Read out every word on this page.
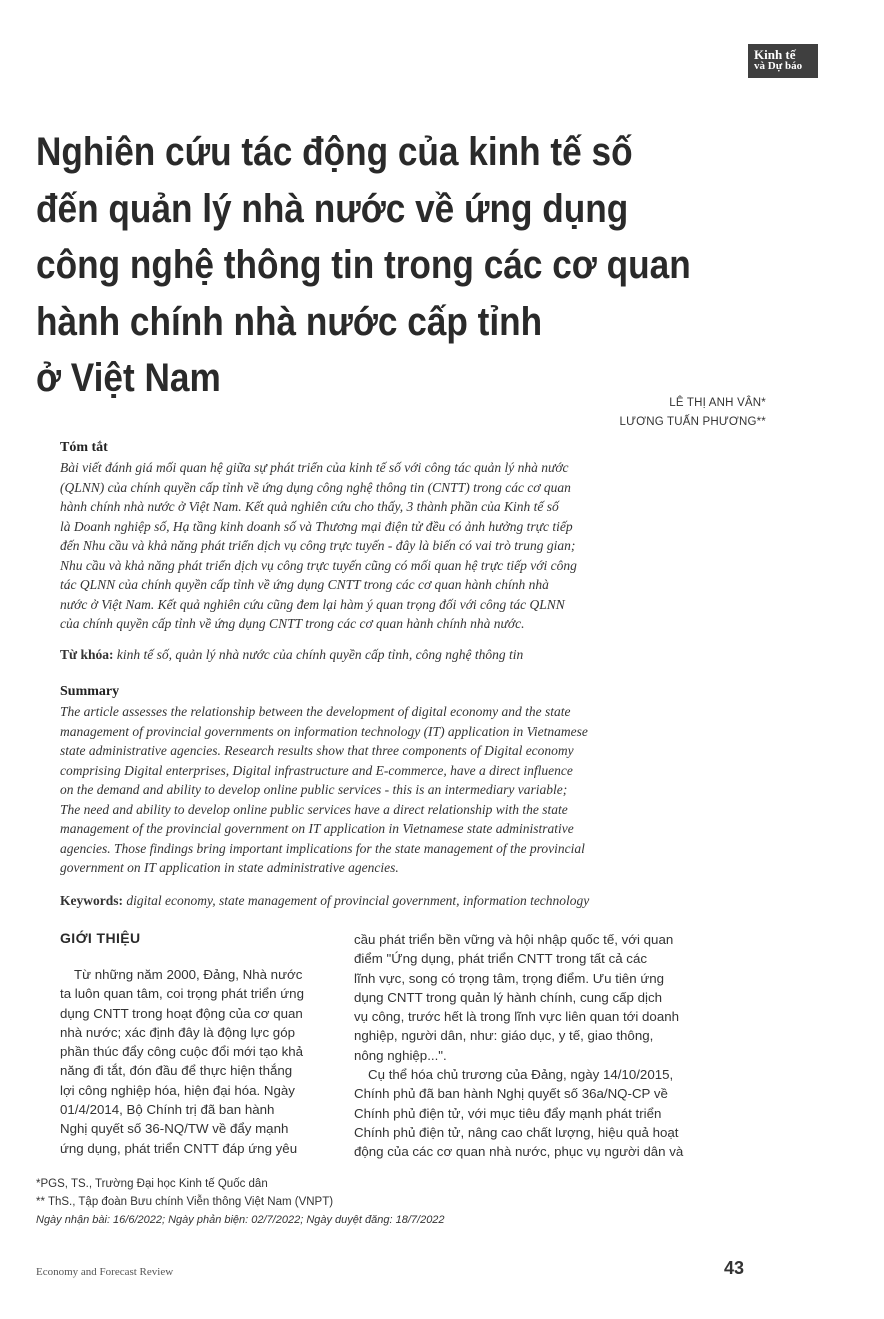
Kinh tế
và Dự báo
Nghiên cứu tác động của kinh tế số
đến quản lý nhà nước về ứng dụng
công nghệ thông tin trong các cơ quan
hành chính nhà nước cấp tỉnh
ở Việt Nam
LÊ THỊ ANH VÂN*
LƯƠNG TUẤN PHƯƠNG**
Tóm tắt
Bài viết đánh giá mối quan hệ giữa sự phát triển của kinh tế số với công tác quản lý nhà nước
(QLNN) của chính quyền cấp tỉnh về ứng dụng công nghệ thông tin (CNTT) trong các cơ quan
hành chính nhà nước ở Việt Nam. Kết quả nghiên cứu cho thấy, 3 thành phần của Kinh tế số
là Doanh nghiệp số, Hạ tầng kinh doanh số và Thương mại điện tử đều có ảnh hưởng trực tiếp
đến Nhu cầu và khả năng phát triển dịch vụ công trực tuyến - đây là biến có vai trò trung gian;
Nhu cầu và khả năng phát triển dịch vụ công trực tuyến cũng có mối quan hệ trực tiếp với công
tác QLNN của chính quyền cấp tỉnh về ứng dụng CNTT trong các cơ quan hành chính nhà
nước ở Việt Nam. Kết quả nghiên cứu cũng đem lại hàm ý quan trọng đối với công tác QLNN
của chính quyền cấp tỉnh về ứng dụng CNTT trong các cơ quan hành chính nhà nước.
Từ khóa: kinh tế số, quản lý nhà nước của chính quyền cấp tỉnh, công nghệ thông tin
Summary
The article assesses the relationship between the development of digital economy and the state
management of provincial governments on information technology (IT) application in Vietnamese
state administrative agencies. Research results show that three components of Digital economy
comprising Digital enterprises, Digital infrastructure and E-commerce, have a direct influence
on the demand and ability to develop online public services - this is an intermediary variable;
The need and ability to develop online public services have a direct relationship with the state
management of the provincial government on IT application in Vietnamese state administrative
agencies. Those findings bring important implications for the state management of the provincial
government on IT application in state administrative agencies.
Keywords: digital economy, state management of provincial government, information technology
GIỚI THIỆU
Từ những năm 2000, Đảng, Nhà nước
ta luôn quan tâm, coi trọng phát triển ứng
dụng CNTT trong hoạt động của cơ quan
nhà nước; xác định đây là động lực góp
phần thúc đẩy công cuộc đổi mới tạo khả
năng đi tắt, đón đầu để thực hiện thắng
lợi công nghiệp hóa, hiện đại hóa. Ngày
01/4/2014, Bộ Chính trị đã ban hành
Nghị quyết số 36-NQ/TW về đẩy mạnh
ứng dụng, phát triển CNTT đáp ứng yêu
cầu phát triển bền vững và hội nhập quốc tế, với quan
điểm "Ứng dụng, phát triển CNTT trong tất cả các
lĩnh vực, song có trọng tâm, trọng điểm. Ưu tiên ứng
dụng CNTT trong quản lý hành chính, cung cấp dịch
vụ công, trước hết là trong lĩnh vực liên quan tới doanh
nghiệp, người dân, như: giáo dục, y tế, giao thông,
nông nghiệp...".
Cụ thể hóa chủ trương của Đảng, ngày 14/10/2015,
Chính phủ đã ban hành Nghị quyết số 36a/NQ-CP về
Chính phủ điện tử, với mục tiêu đẩy mạnh phát triển
Chính phủ điện tử, nâng cao chất lượng, hiệu quả hoạt
động của các cơ quan nhà nước, phục vụ người dân và
*PGS, TS., Trường Đại học Kinh tế Quốc dân
** ThS., Tập đoàn Bưu chính Viễn thông Việt Nam (VNPT)
Ngày nhận bài: 16/6/2022; Ngày phản biện: 02/7/2022; Ngày duyệt đăng: 18/7/2022
Economy and Forecast Review	43
